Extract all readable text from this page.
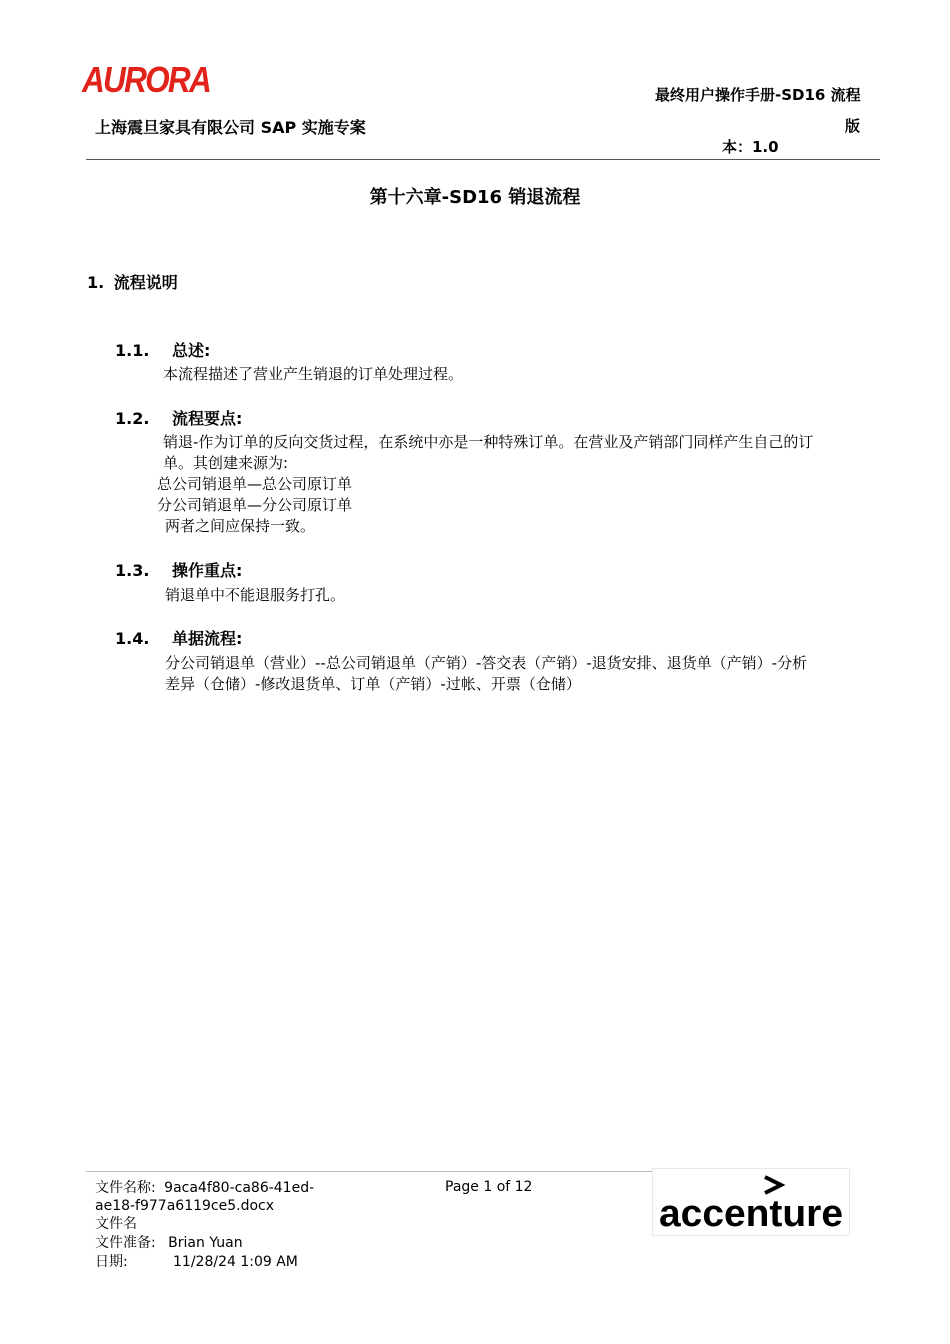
AURORA
上海震旦家具有限公司 SAP 实施专案
最终用户操作手册-SD16 流程
版
本：1.0
第十六章-SD16 销退流程
1. 流程说明
1.1. 总述:
本流程描述了营业产生销退的订单处理过程。
1.2. 流程要点:
销退-作为订单的反向交货过程，在系统中亦是一种特殊订单。在营业及产销部门同样产生自己的订
单。其创建来源为:
总公司销退单—总公司原订单
分公司销退单—分公司原订单
两者之间应保持一致。
1.3. 操作重点:
销退单中不能退服务打孔。
1.4. 单据流程:
分公司销退单（营业）--总公司销退单（产销）-答交表（产销）-退货安排、退货单（产销）-分析
差异（仓储）-修改退货单、订单（产销）-过帐、开票（仓储）
文件名称: 9aca4f80-ca86-41ed-
ae18-f977a6119ce5.docx
文件名
文件准备: Brian Yuan
日期:	11/28/24 1:09 AM
Page 1 of 12
accenture
